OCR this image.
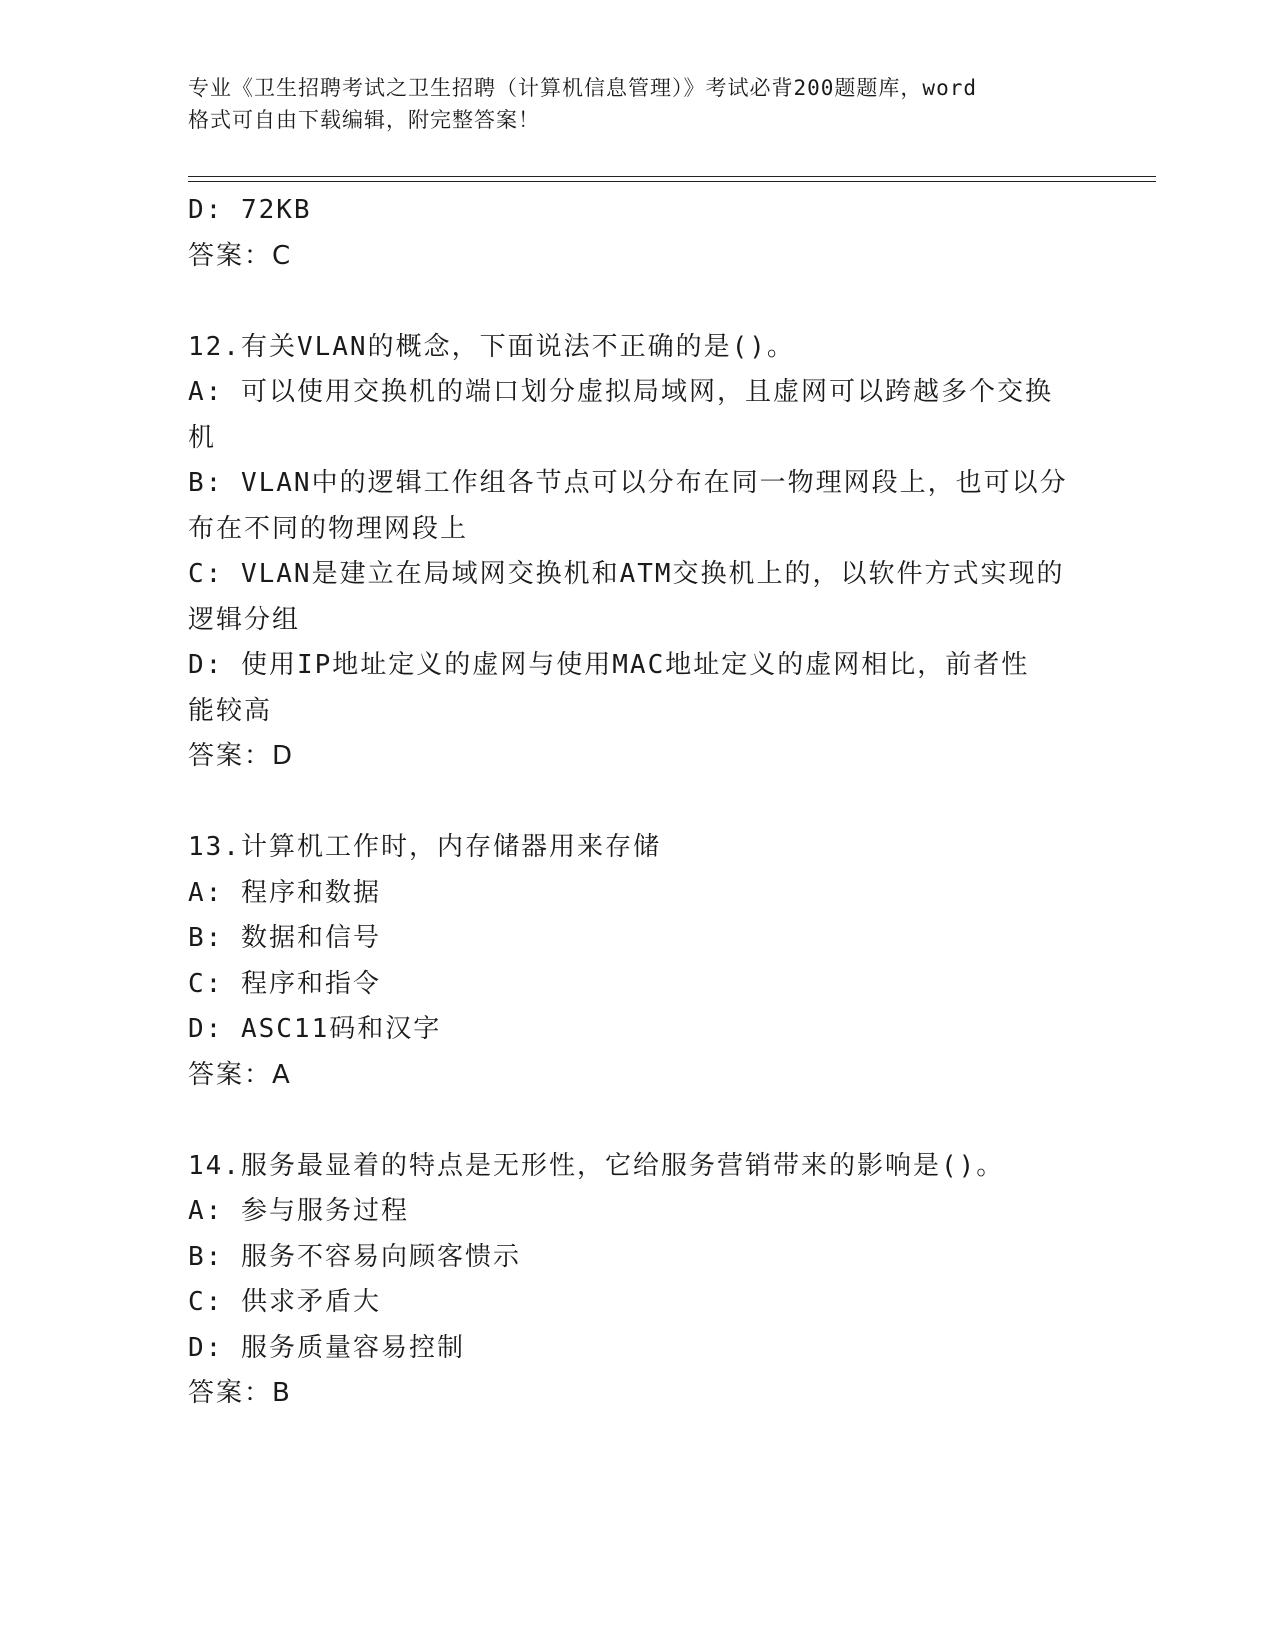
专业《卫生招聘考试之卫生招聘（计算机信息管理）》考试必背200题题库，word
格式可自由下载编辑，附完整答案！
D: 72KB
答案：C
12.有关VLAN的概念，下面说法不正确的是()。
A: 可以使用交换机的端口划分虚拟局域网，且虚网可以跨越多个交换
机
B: VLAN中的逻辑工作组各节点可以分布在同一物理网段上，也可以分
布在不同的物理网段上
C: VLAN是建立在局域网交换机和ATM交换机上的，以软件方式实现的
逻辑分组
D: 使用IP地址定义的虚网与使用MAC地址定义的虚网相比，前者性
能较高
答案：D
13.计算机工作时，内存储器用来存储
A: 程序和数据
B: 数据和信号
C: 程序和指令
D: ASC11码和汉字
答案：A
14.服务最显着的特点是无形性，它给服务营销带来的影响是()。
A: 参与服务过程
B: 服务不容易向顾客愦示
C: 供求矛盾大
D: 服务质量容易控制
答案：B
